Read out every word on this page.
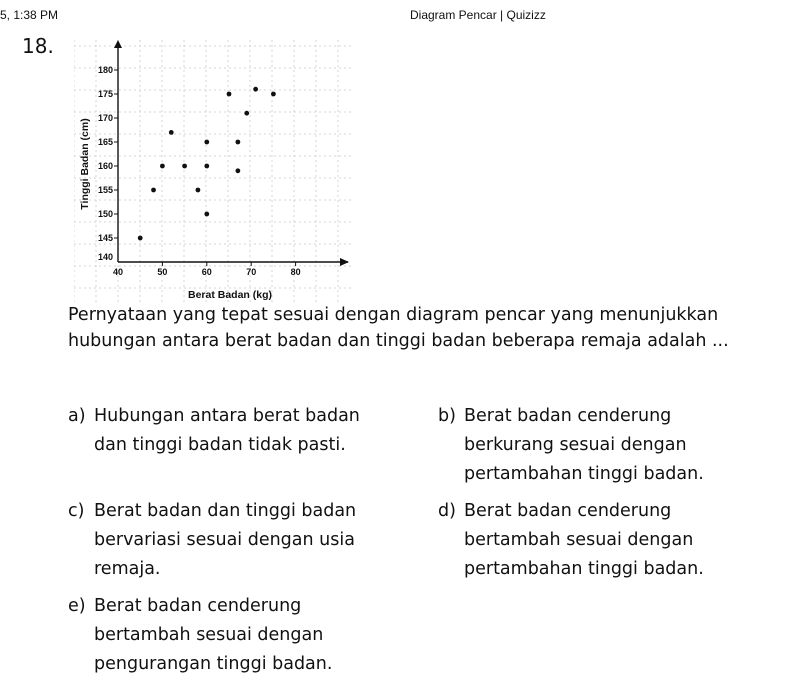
5, 1:38 PM	Diagram Pencar | Quizizz
18.
140
145
150
155
160
165
170
175
180
40	50	60	70	80
Berat Badan (kg)
Tinggi Badan (cm)
Pernyataan yang tepat sesuai dengan diagram pencar yang menunjukkan hubungan antara berat badan dan tinggi badan beberapa remaja adalah ...
a) Hubungan antara berat badan dan tinggi badan tidak pasti.
b) Berat badan cenderung berkurang sesuai dengan pertambahan tinggi badan.
c) Berat badan dan tinggi badan bervariasi sesuai dengan usia remaja.
d) Berat badan cenderung bertambah sesuai dengan pertambahan tinggi badan.
e) Berat badan cenderung bertambah sesuai dengan pengurangan tinggi badan.
